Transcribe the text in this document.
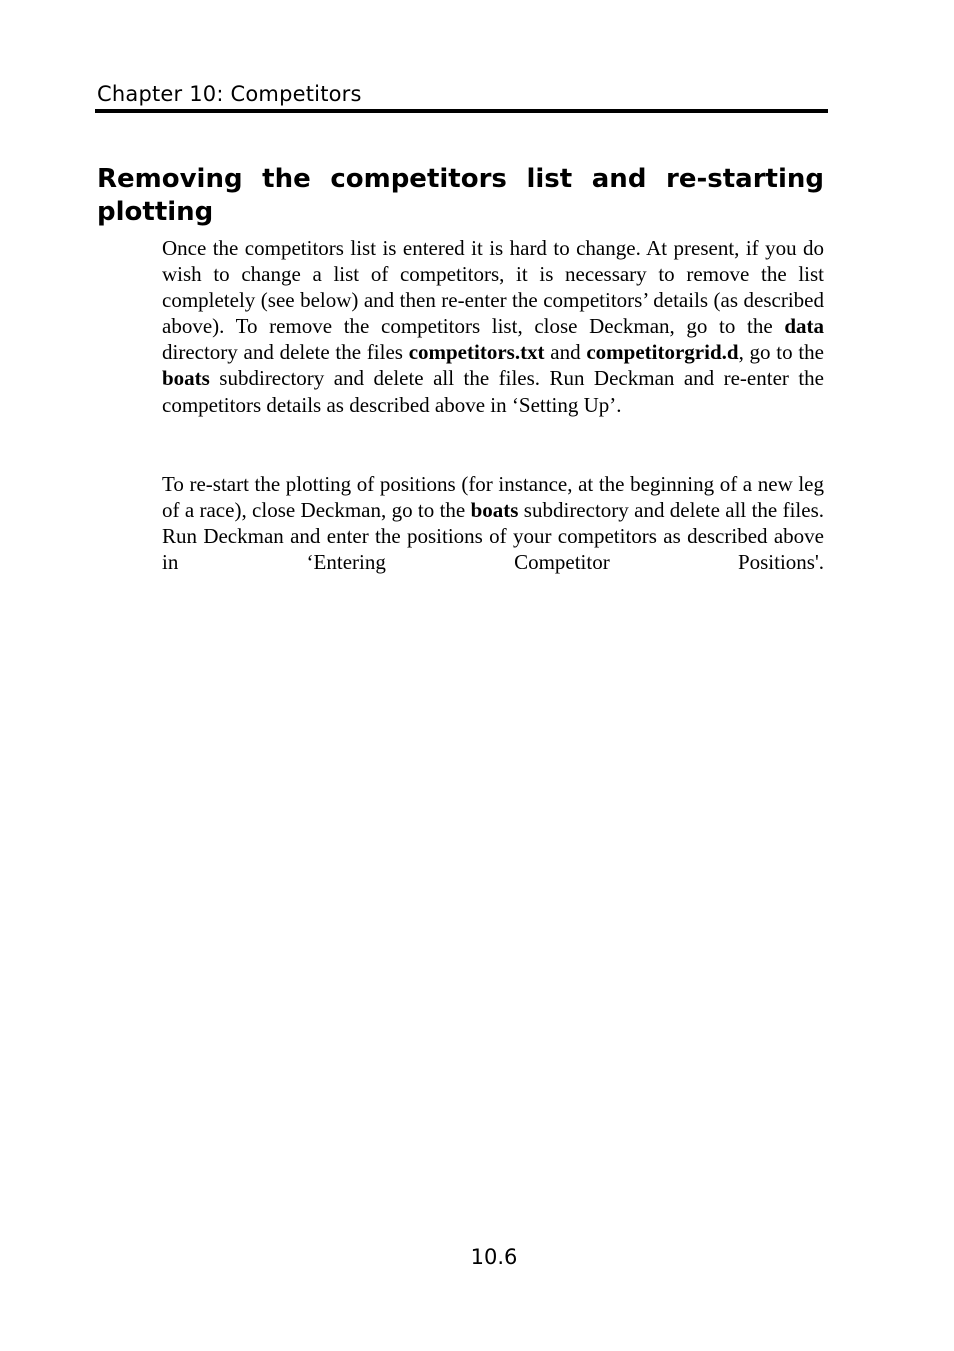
Chapter 10: Competitors
Removing the competitors list and re-starting plotting

Once the competitors list is entered it is hard to change. At present, if you do wish to change a list of competitors, it is necessary to remove the list completely (see below) and then re-enter the competitors’ details (as described above). To remove the competitors list, close Deckman, go to the data directory and delete the files competitors.txt and competitorgrid.d, go to the boats subdirectory and delete all the files. Run Deckman and re-enter the competitors details as described above in ‘Setting Up’.

To re-start the plotting of positions (for instance, at the beginning of a new leg of a race), close Deckman, go to the boats subdirectory and delete all the files. Run Deckman and enter the positions of your competitors as described above in ‘Entering Competitor Positions'.

10.6
